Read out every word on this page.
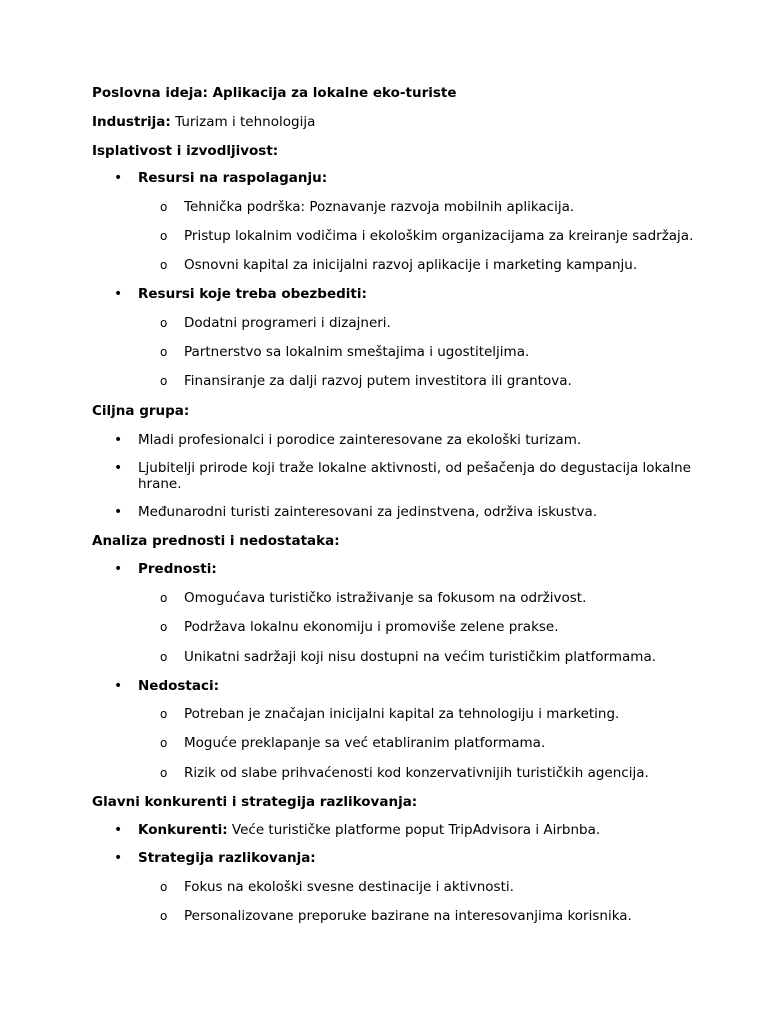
Poslovna ideja: Aplikacija za lokalne eko-turiste
Industrija: Turizam i tehnologija
Isplativost i izvodljivost:
• Resursi na raspolaganju:
o Tehnička podrška: Poznavanje razvoja mobilnih aplikacija.
o Pristup lokalnim vodičima i ekološkim organizacijama za kreiranje sadržaja.
o Osnovni kapital za inicijalni razvoj aplikacije i marketing kampanju.
• Resursi koje treba obezbediti:
o Dodatni programeri i dizajneri.
o Partnerstvo sa lokalnim smeštajima i ugostiteljima.
o Finansiranje za dalji razvoj putem investitora ili grantova.
Ciljna grupa:
• Mladi profesionalci i porodice zainteresovane za ekološki turizam.
• Ljubitelji prirode koji traže lokalne aktivnosti, od pešačenja do degustacija lokalne
hrane.
• Međunarodni turisti zainteresovani za jedinstvena, održiva iskustva.
Analiza prednosti i nedostataka:
• Prednosti:
o Omogućava turističko istraživanje sa fokusom na održivost.
o Podržava lokalnu ekonomiju i promoviše zelene prakse.
o Unikatni sadržaji koji nisu dostupni na većim turističkim platformama.
• Nedostaci:
o Potreban je značajan inicijalni kapital za tehnologiju i marketing.
o Moguće preklapanje sa već etabliranim platformama.
o Rizik od slabe prihvaćenosti kod konzervativnijih turističkih agencija.
Glavni konkurenti i strategija razlikovanja:
• Konkurenti: Veće turističke platforme poput TripAdvisora i Airbnba.
• Strategija razlikovanja:
o Fokus na ekološki svesne destinacije i aktivnosti.
o Personalizovane preporuke bazirane na interesovanjima korisnika.
